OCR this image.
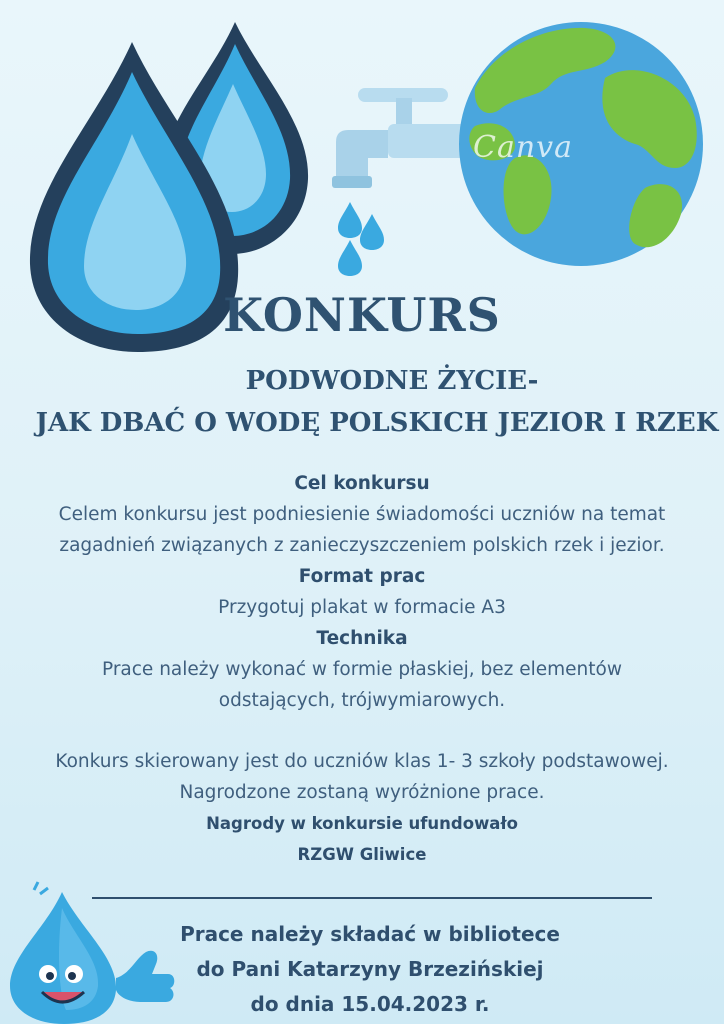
Canva
KONKURS
PODWODNE ŻYCIE-
JAK DBAĆ O WODĘ POLSKICH JEZIOR I RZEK
Cel konkursu
Celem konkursu jest podniesienie świadomości uczniów na temat
zagadnień związanych z zanieczyszczeniem polskich rzek i jezior.
Format prac
Przygotuj plakat w formacie A3
Technika
Prace należy wykonać w formie płaskiej, bez elementów
odstających, trójwymiarowych.
Konkurs skierowany jest do uczniów klas 1- 3 szkoły podstawowej.
Nagrodzone zostaną wyróżnione prace.
Nagrody w konkursie ufundowało
RZGW Gliwice
Prace należy składać w bibliotece
do Pani Katarzyny Brzezińskiej
do dnia 15.04.2023 r.
